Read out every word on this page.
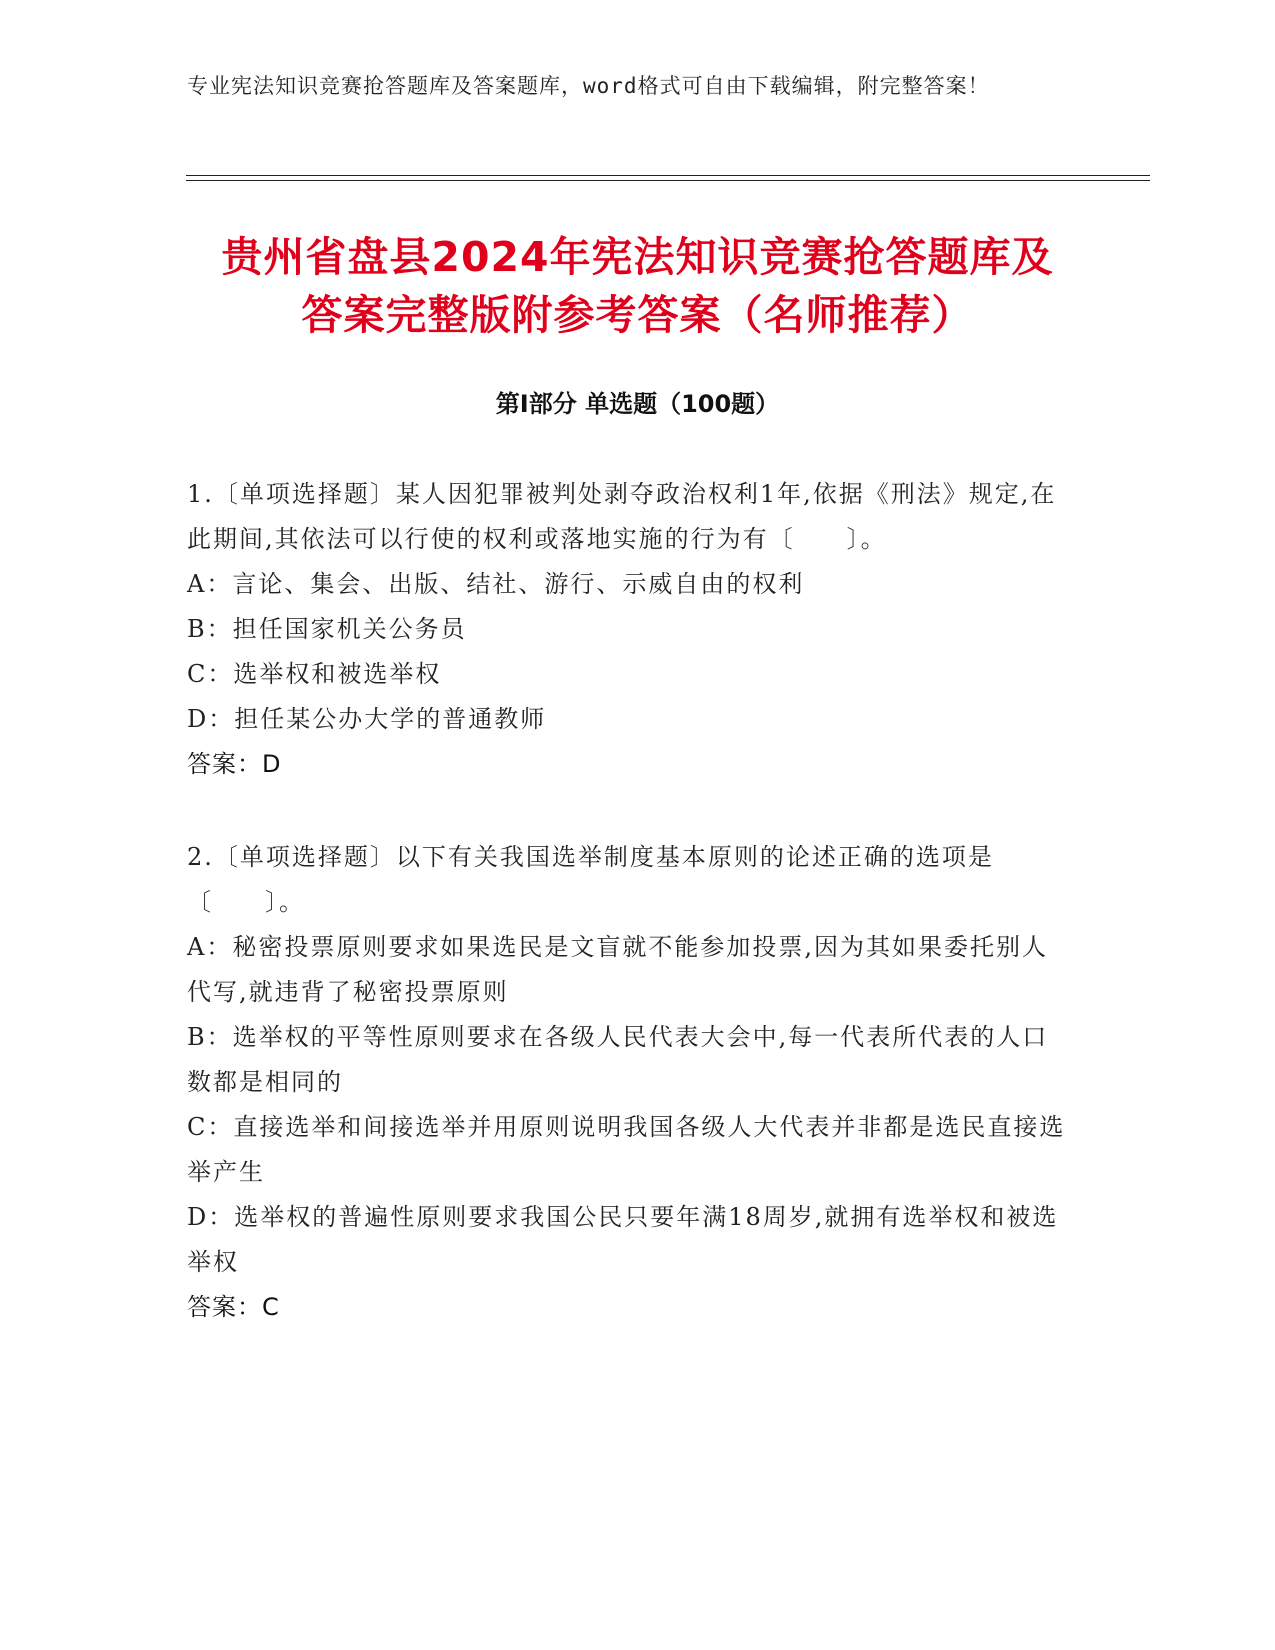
专业宪法知识竞赛抢答题库及答案题库，word格式可自由下载编辑，附完整答案！
贵州省盘县2024年宪法知识竞赛抢答题库及
答案完整版附参考答案（名师推荐）
第Ⅰ部分 单选题（100题）

1.〔单项选择题〕某人因犯罪被判处剥夺政治权利1年,依据《刑法》规定,在此期间,其依法可以行使的权利或落地实施的行为有〔　　〕。

A：言论、集会、出版、结社、游行、示威自由的权利

B：担任国家机关公务员

C：选举权和被选举权

D：担任某公办大学的普通教师

答案：D

2.〔单项选择题〕以下有关我国选举制度基本原则的论述正确的选项是〔　　〕。

A：秘密投票原则要求如果选民是文盲就不能参加投票,因为其如果委托别人代写,就违背了秘密投票原则

B：选举权的平等性原则要求在各级人民代表大会中,每一代表所代表的人口数都是相同的

C：直接选举和间接选举并用原则说明我国各级人大代表并非都是选民直接选举产生

D：选举权的普遍性原则要求我国公民只要年满18周岁,就拥有选举权和被选举权

答案：C
